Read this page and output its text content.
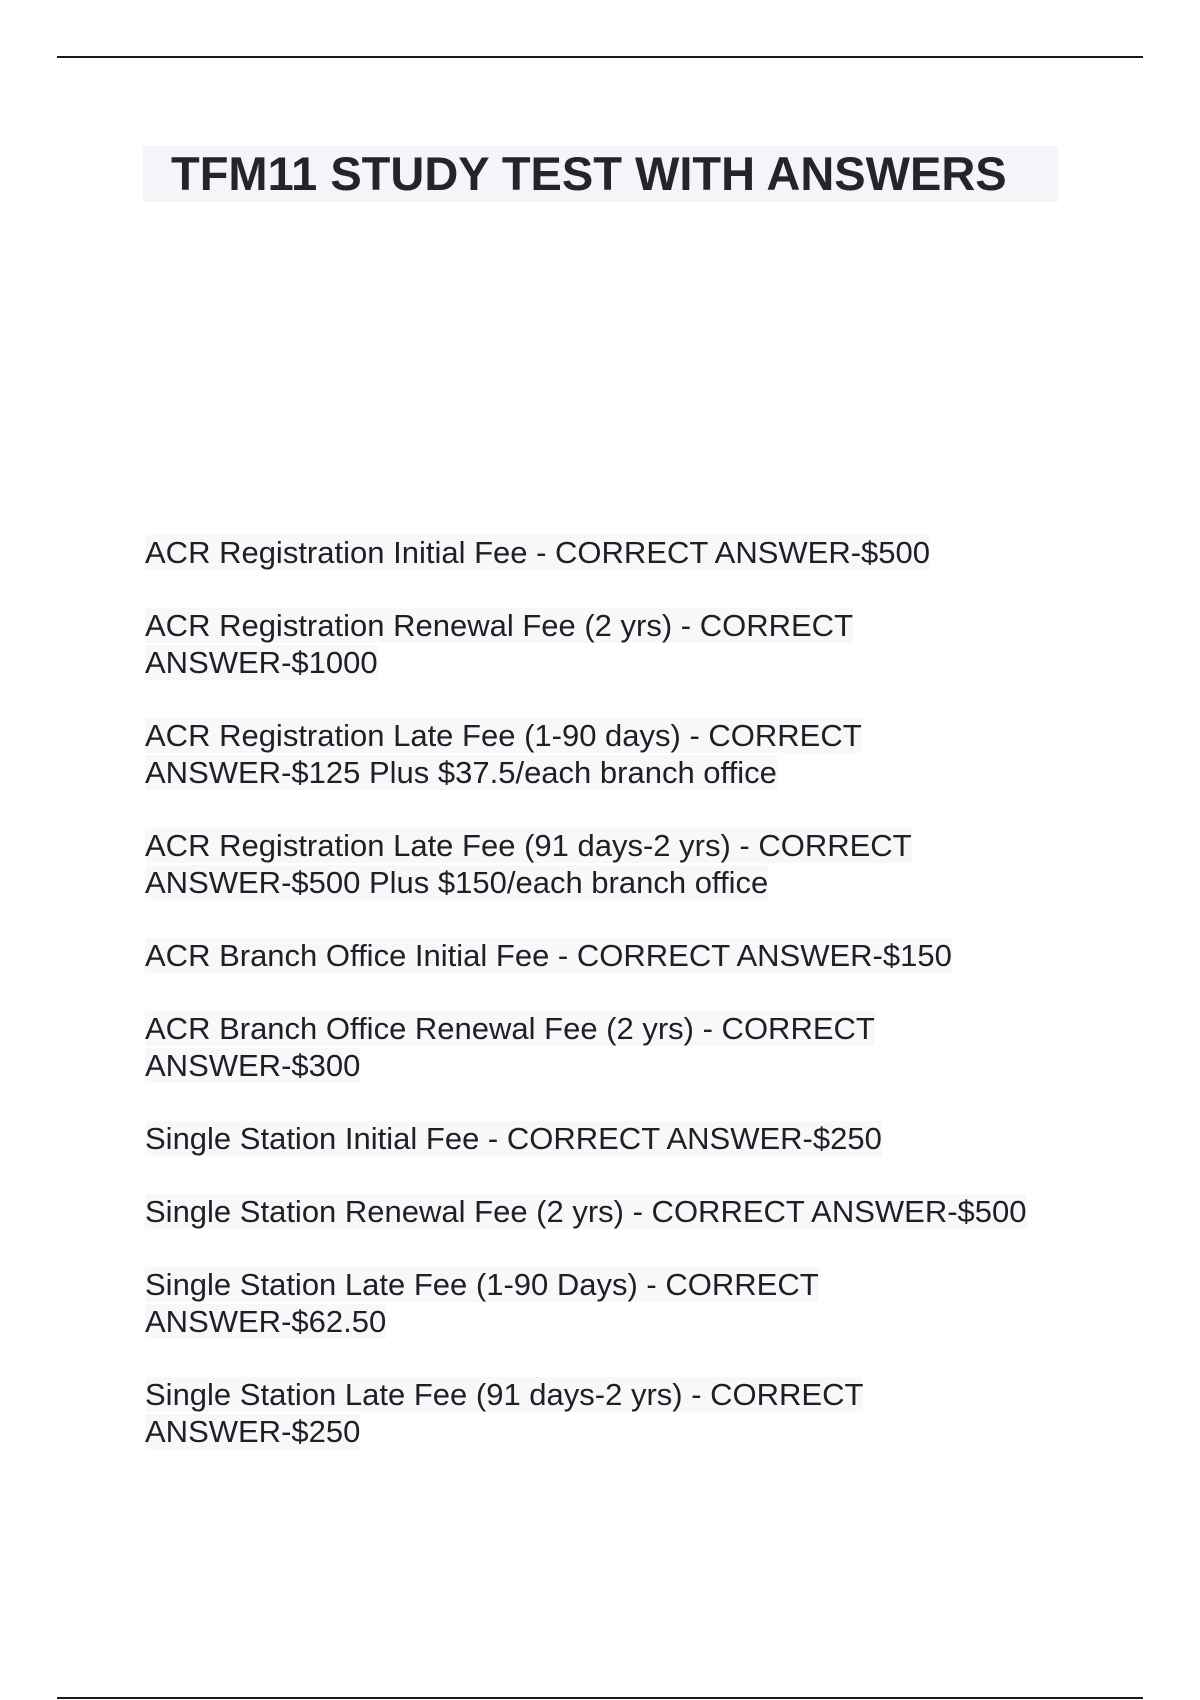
TFM11 STUDY TEST WITH ANSWERS
ACR Registration Initial Fee - CORRECT ANSWER-$500
ACR Registration Renewal Fee (2 yrs) - CORRECT ANSWER-$1000
ACR Registration Late Fee (1-90 days) - CORRECT ANSWER-$125 Plus $37.5/each branch office
ACR Registration Late Fee (91 days-2 yrs) - CORRECT ANSWER-$500 Plus $150/each branch office
ACR Branch Office Initial Fee - CORRECT ANSWER-$150
ACR Branch Office Renewal Fee (2 yrs) - CORRECT ANSWER-$300
Single Station Initial Fee - CORRECT ANSWER-$250
Single Station Renewal Fee (2 yrs) - CORRECT ANSWER-$500
Single Station Late Fee (1-90 Days) - CORRECT ANSWER-$62.50
Single Station Late Fee (91 days-2 yrs) - CORRECT ANSWER-$250
